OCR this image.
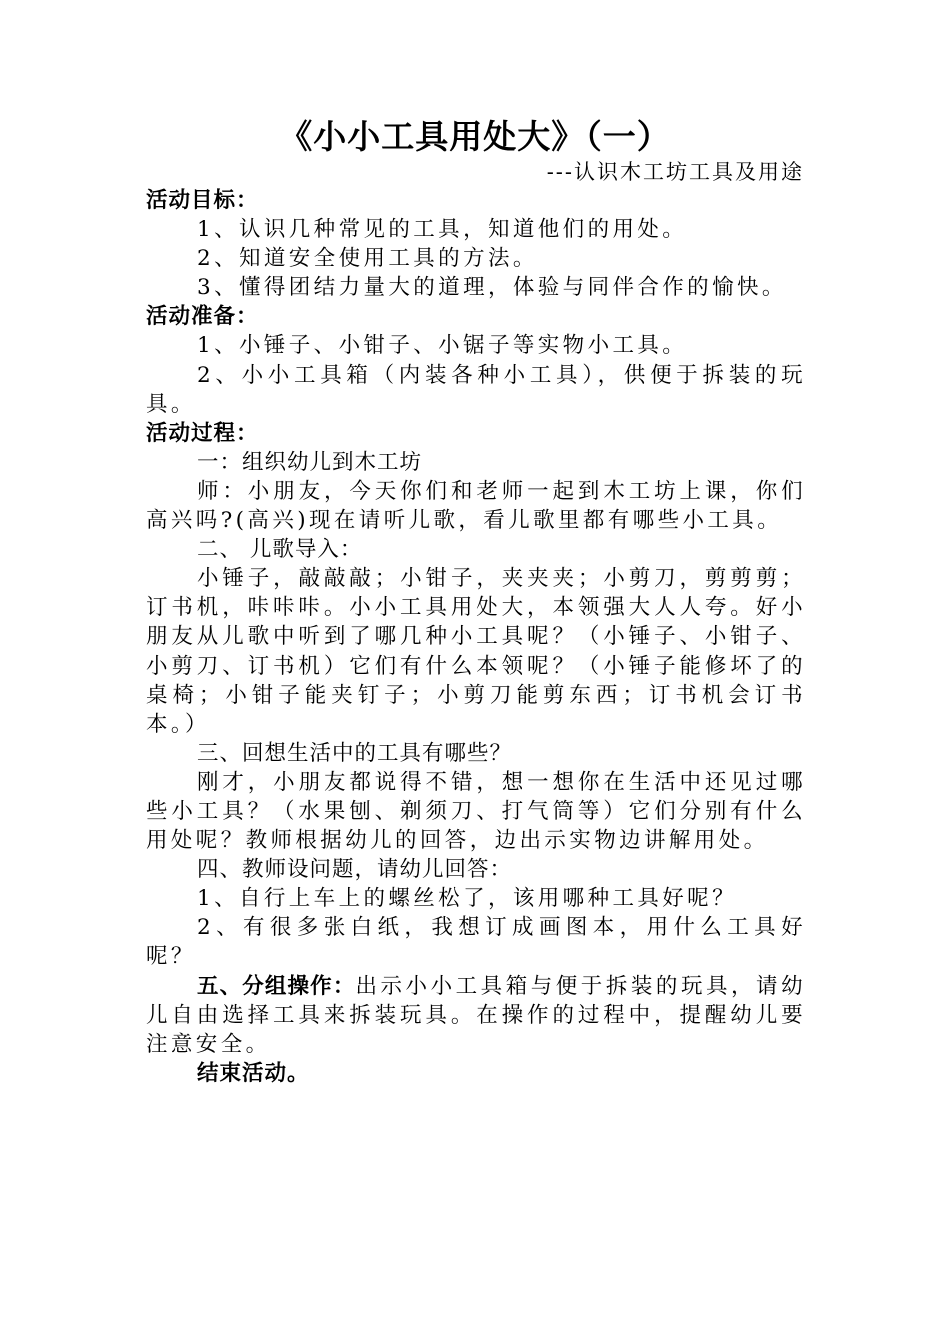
《小小工具用处大》（一）
---认识木工坊工具及用途

活动目标：

1、认识几种常见的工具，知道他们的用处。

2、知道安全使用工具的方法。

3、懂得团结力量大的道理，体验与同伴合作的愉快。

活动准备：

1、小锤子、小钳子、小锯子等实物小工具。

2、小小工具箱（内装各种小工具），供便于拆装的玩具。

活动过程：

一：组织幼儿到木工坊

师：小朋友，今天你们和老师一起到木工坊上课，你们高兴吗?(高兴)现在请听儿歌，看儿歌里都有哪些小工具。

二、 儿歌导入：

小锤子，敲敲敲；小钳子，夹夹夹；小剪刀，剪剪剪；订书机，咔咔咔。小小工具用处大，本领强大人人夸。好小朋友从儿歌中听到了哪几种小工具呢？（小锤子、小钳子、小剪刀、订书机）它们有什么本领呢？（小锤子能修坏了的桌椅；小钳子能夹钉子；小剪刀能剪东西；订书机会订书本。）

三、回想生活中的工具有哪些？

刚才，小朋友都说得不错，想一想你在生活中还见过哪些小工具？（水果刨、剃须刀、打气筒等）它们分别有什么用处呢？教师根据幼儿的回答，边出示实物边讲解用处。

四、教师设问题，请幼儿回答：

1、自行上车上的螺丝松了，该用哪种工具好呢？

2、有很多张白纸，我想订成画图本，用什么工具好呢？

五、分组操作：出示小小工具箱与便于拆装的玩具，请幼儿自由选择工具来拆装玩具。在操作的过程中，提醒幼儿要注意安全。

结束活动。
